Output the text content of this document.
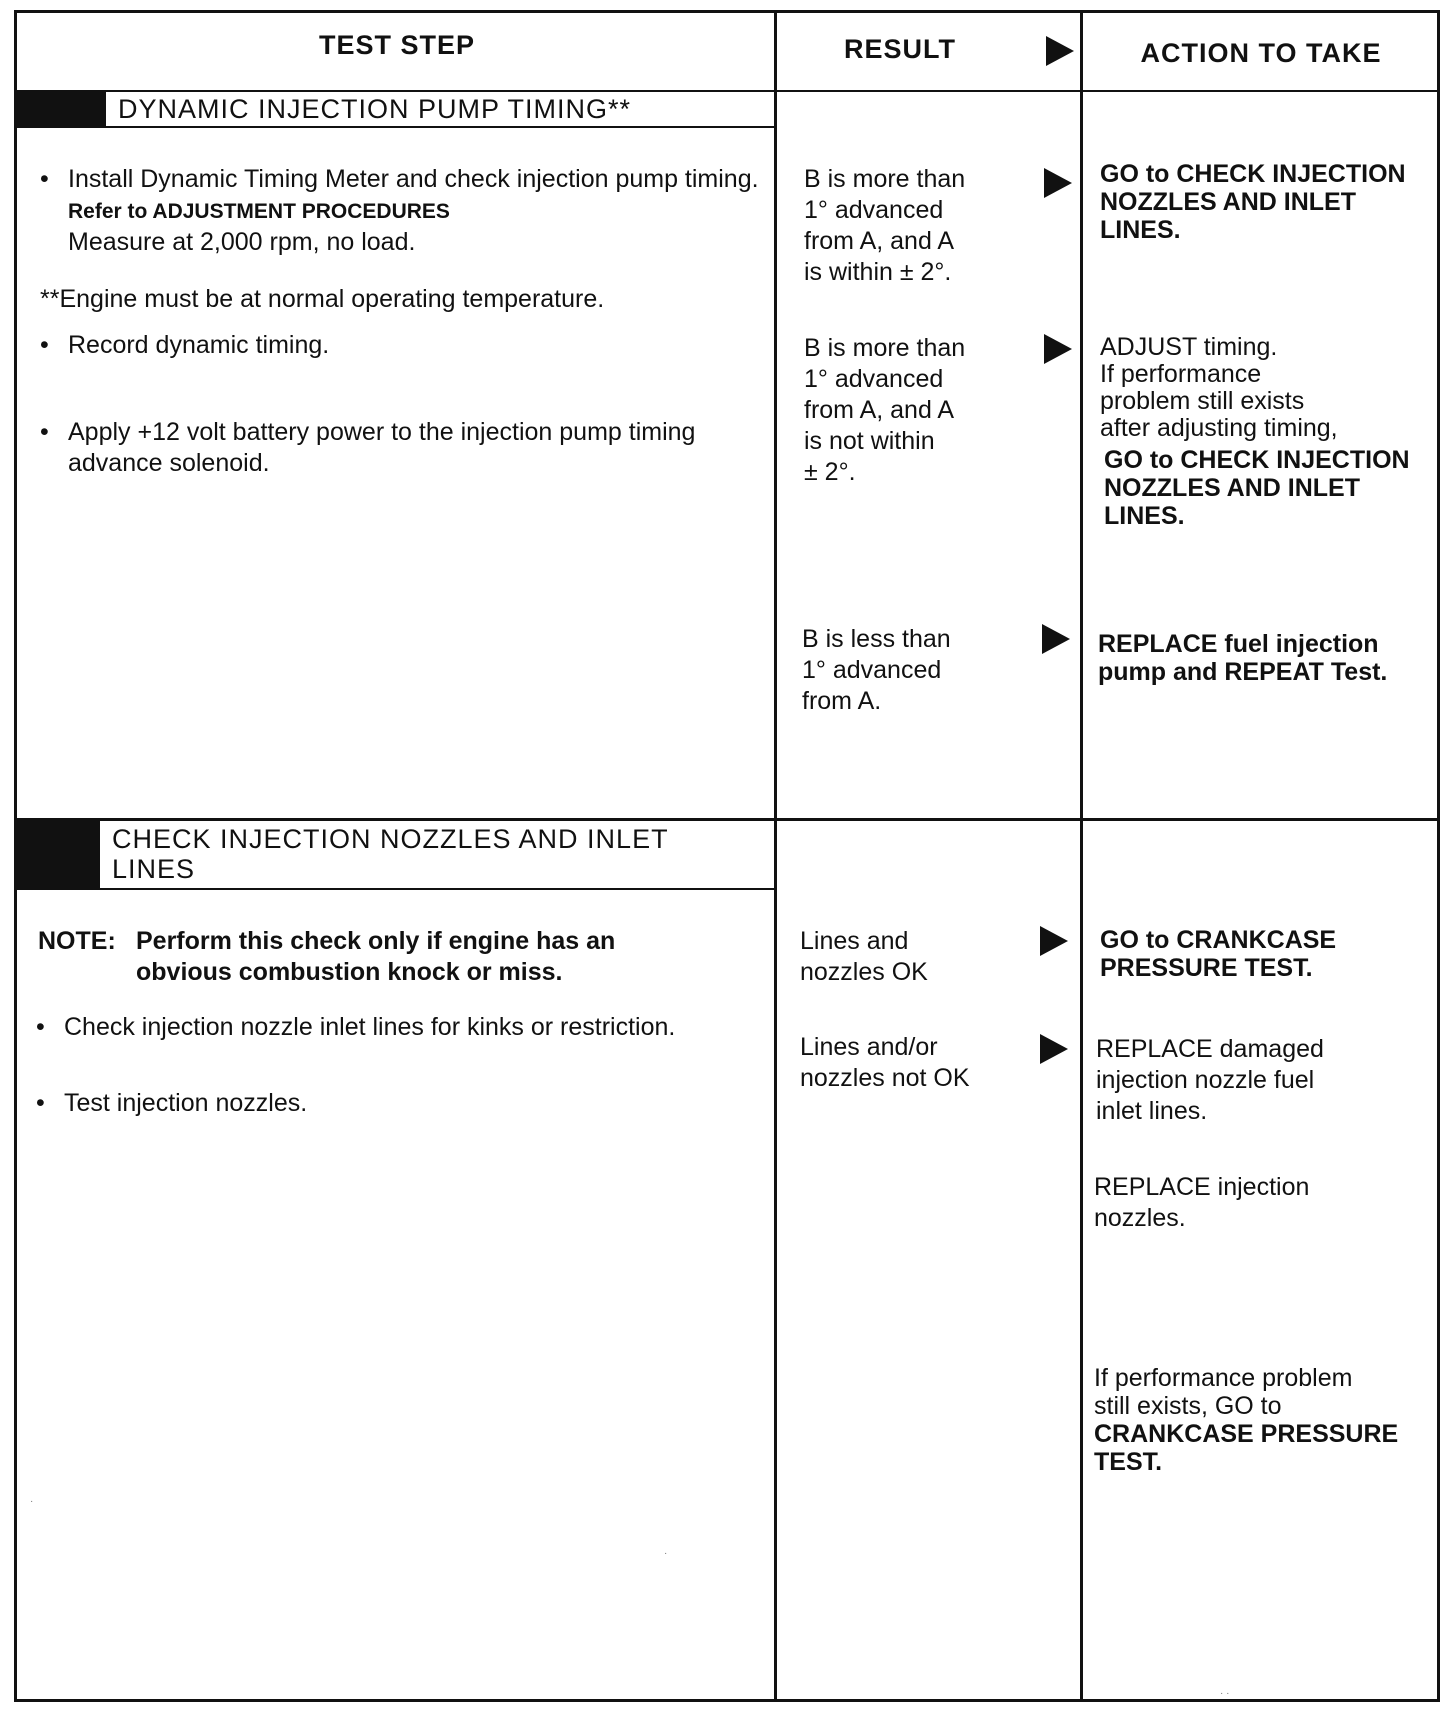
TEST STEP	RESULT	ACTION TO TAKE
DYNAMIC INJECTION PUMP TIMING**
• Install Dynamic Timing Meter and check injection pump timing. Refer to ADJUSTMENT PROCEDURES
Measure at 2,000 rpm, no load.
**Engine must be at normal operating temperature.
• Record dynamic timing.
• Apply +12 volt battery power to the injection pump timing advance solenoid.
B is more than
1° advanced
from A, and A
is within ± 2°.
B is more than
1° advanced
from A, and A
is not within
± 2°.
B is less than
1° advanced
from A.
GO to CHECK INJECTION
NOZZLES AND INLET
LINES.
ADJUST timing.
If performance
problem still exists
after adjusting timing,
GO to CHECK INJECTION
NOZZLES AND INLET
LINES.
REPLACE fuel injection
pump and REPEAT Test.
CHECK INJECTION NOZZLES AND INLET
LINES
NOTE: Perform this check only if engine has an
obvious combustion knock or miss.
• Check injection nozzle inlet lines for kinks or restriction.
• Test injection nozzles.
Lines and
nozzles OK
Lines and/or
nozzles not OK
GO to CRANKCASE
PRESSURE TEST.
REPLACE damaged
injection nozzle fuel
inlet lines.
REPLACE injection
nozzles.
If performance problem
still exists, GO to
CRANKCASE PRESSURE
TEST.
·
·
· ·
